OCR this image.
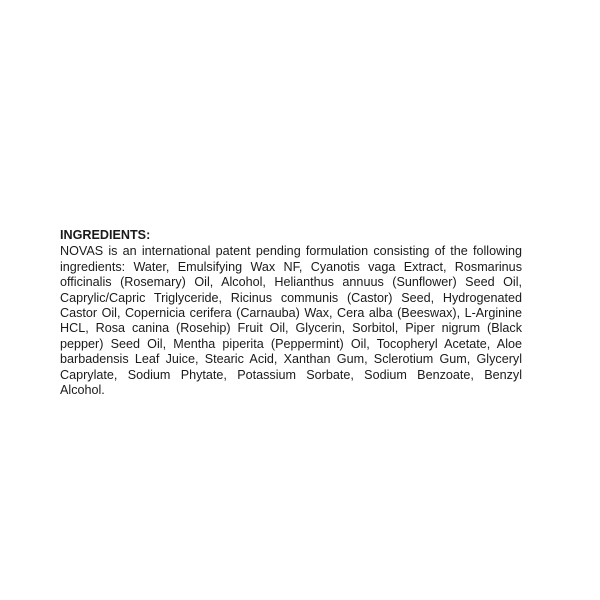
INGREDIENTS:

NOVAS is an international patent pending formulation consisting of the following ingredients: Water, Emulsifying Wax NF, Cyanotis vaga Extract, Rosmarinus officinalis (Rosemary) Oil, Alcohol, Helianthus annuus (Sunflower) Seed Oil, Caprylic/Capric Triglyceride, Ricinus communis (Castor) Seed, Hydrogenated Castor Oil, Copernicia cerifera (Carnauba) Wax, Cera alba (Beeswax), L-Arginine HCL, Rosa canina (Rosehip) Fruit Oil, Glycerin, Sorbitol, Piper nigrum (Black pepper) Seed Oil, Mentha piperita (Peppermint) Oil, Tocopheryl Acetate, Aloe barbadensis Leaf Juice, Stearic Acid, Xanthan Gum, Sclerotium Gum, Glyceryl Caprylate, Sodium Phytate, Potassium Sorbate, Sodium Benzoate, Benzyl Alcohol.
